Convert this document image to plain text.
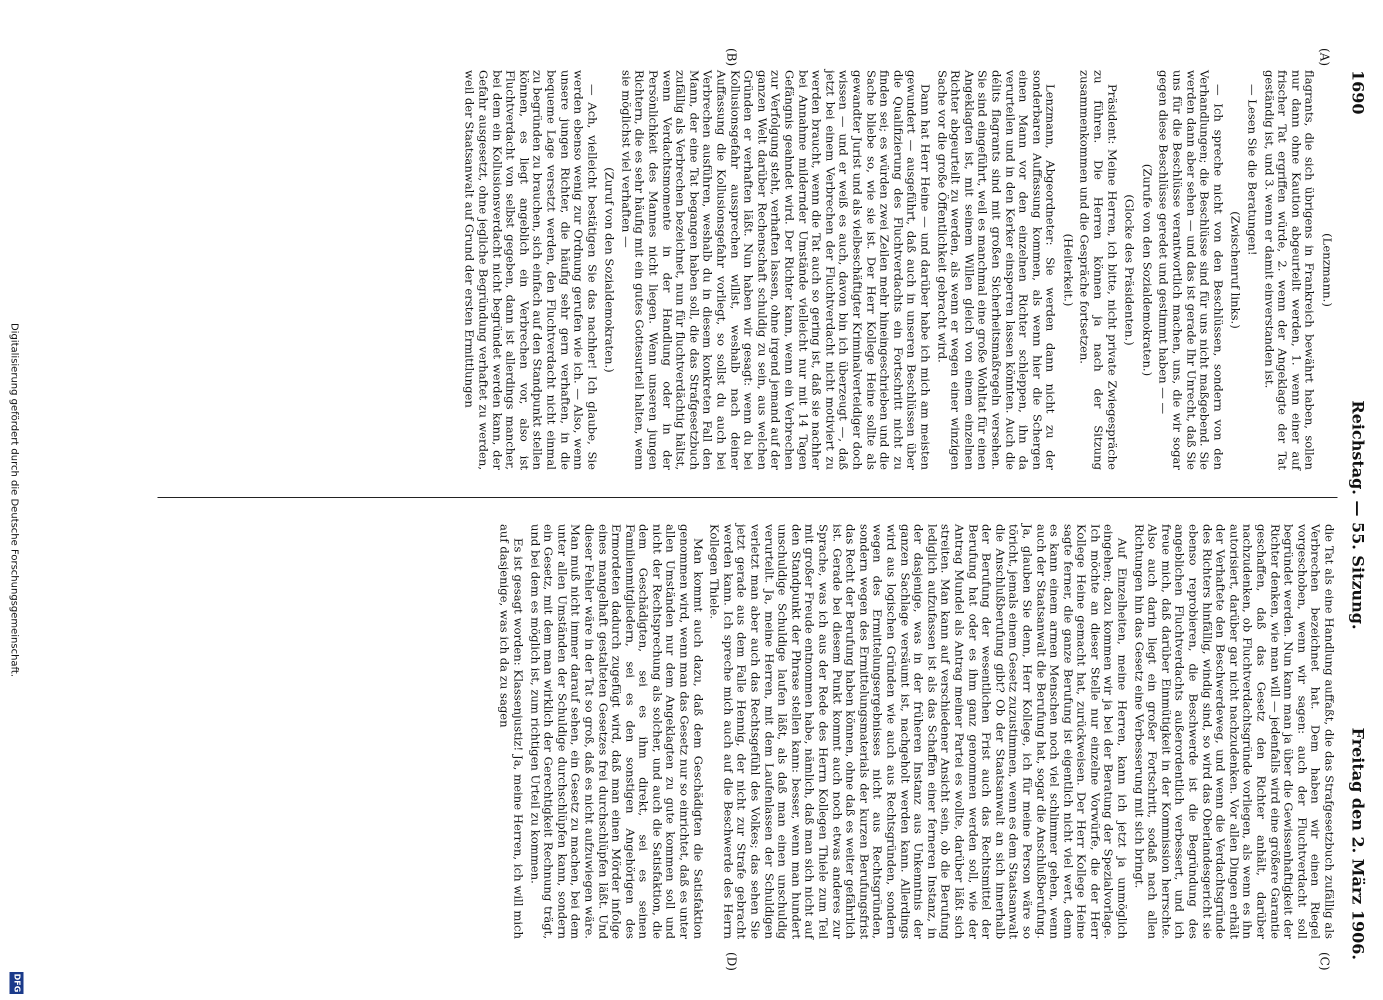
1690
Reichstag. — 55. Sitzung.
Freitag den 2. März 1906.
(A)
(B)
(C)
(D)

(Lenzmann.)

flagrants, die sich übrigens in Frankreich bewährt haben, sollen nur dann ohne Kaution abgeurteilt werden, 1. wenn einer auf frischer Tat ergriffen würde, 2. wenn der Angeklagte der Tat geständig ist, und 3. wenn er damit einverstanden ist.

— Lesen Sie die Beratungen!

(Zwischenruf links.)

— Ich spreche nicht von den Beschlüssen, sondern von den Verhandlungen; die Beschlüsse sind für uns nicht maßgebend. Sie werden dann aber sehen — und das ist gerade Ihr Unrecht, daß Sie uns für die Beschlüsse verantwortlich machen, uns, die wir sogar gegen diese Beschlüsse geredet und gestimmt haben — —

(Zurufe von den Sozialdemokraten.)

(Glocke des Präsidenten.)

Präsident: Meine Herren, ich bitte, nicht private Zwiegespräche zu führen. Die Herren können ja nach der Sitzung zusammenkommen und die Gespräche fortsetzen.

(Heiterkeit.)

Lenzmann, Abgeordneter: Sie werden dann nicht zu der sonderbaren Auffassung kommen, als wenn hier die Schergen einen Mann vor den einzelnen Richter schleppen, ihn da verurteilen und in den Kerker einsperren lassen könnten. Auch die délits flagrants sind mit großen Sicherheitsmaßregeln versehen. Sie sind eingeführt, weil es manchmal eine große Wohltat für einen Angeklagten ist, mit seinem Willen gleich von einem einzelnen Richter abgeurteilt zu werden, als wenn er wegen einer winzigen Sache vor die große Öffentlichkeit gebracht wird.

Dann hat Herr Heine — und darüber habe ich mich am meisten gewundert — ausgeführt, daß auch in unseren Beschlüssen über die Qualifizierung des Fluchtverdachts ein Fortschritt nicht zu finden sei; es würden zwei Zeilen mehr hineingeschrieben und die Sache bliebe so, wie sie ist. Der Herr Kollege Heine sollte als gewandter Jurist und als vielbeschäftigter Kriminalverteidiger doch wissen — und er weiß es auch, davon bin ich überzeugt —, daß jetzt bei einem Verbrechen der Fluchtverdacht nicht motiviert zu werden braucht, wenn die Tat auch so gering ist, daß sie nachher bei Annahme mildernder Umstände vielleicht nur mit 14 Tagen Gefängnis geahndet wird. Der Richter kann, wenn ein Verbrechen zur Verfolgung steht, verhaften lassen, ohne irgend jemand auf der ganzen Welt darüber Rechenschaft schuldig zu sein, aus welchen Gründen er verhaften läßt. Nun haben wir gesagt: wenn du bei Kollusionsgefahr aussprechen willst, weshalb nach deiner Auffassung die Kollusionsgefahr vorliegt, so sollst du auch bei Verbrechen ausführen, weshalb du in diesem konkreten Fall den Mann, der eine Tat begangen haben soll, die das Strafgesetzbuch zufällig als Verbrechen bezeichnet, nun für fluchtverdächtig hältst, wenn Verdachtsmomente in der Handlung oder in der Persönlichkeit des Mannes nicht liegen. Wenn unseren jungen Richtern, die es sehr häufig mit ein gutes Gottesurteil halten, wenn sie möglichst viel verhaften —

(Zuruf von den Sozialdemokraten.)

— Ach, vielleicht bestätigen Sie das nachher! Ich glaube, Sie werden ebenso wenig zur Ordnung gerufen wie ich. — Also, wenn unsere jungen Richter, die häufig sehr gern verhaften, in die bequeme Lage versetzt werden, den Fluchtverdacht nicht einmal zu begründen zu brauchen, sich einfach auf den Standpunkt stellen können, es liegt angeblich ein Verbrechen vor, also ist Fluchtverdacht von selbst gegeben, dann ist allerdings mancher, bei dem ein Kollusionsverdacht nicht begründet werden kann, der Gefahr ausgesetzt, ohne jegliche Begründung verhaftet zu werden, weil der Staatsanwalt auf Grund der ersten Ermittlungen

die Tat als eine Handlung auffaßt, die das Strafgesetzbuch zufällig als Verbrechen bezeichnet hat. Dem haben wir einen Riegel vorgeschoben, wenn wir sagen: auch der Fluchtverdacht soll begründet werden. Nun kann man ja über die Gewissenhaftigkeit der Richter denken, wie man will — jedenfalls wird eine größere Garantie geschaffen, daß das Gesetz den Richter anhält, darüber nachzudenken, ob Fluchtverdachtsgründe vorliegen, als wenn es ihn autorisiert, darüber gar nicht nachzudenken. Vor allen Dingen erhält der Verhaftete den Beschwerdeweg, und wenn die Verdachtsgründe des Richters hinfällig, windig sind, so wird das Oberlandesgericht sie ebenso reprobieren, die Beschwerde ist die Begründung des angeblichen Fluchtverdachts außerordentlich verbessert, und ich freue mich, daß darüber Einmütigkeit in der Kommission herrschte. Also auch darin liegt ein großer Fortschritt, sodaß nach allen Richtungen hin das Gesetz eine Verbesserung mit sich bringt.

Auf Einzelheiten, meine Herren, kann ich jetzt ja unmöglich eingehen; dazu kommen wir ja bei der Beratung der Spezialvorlage. Ich möchte an dieser Stelle nur einzelne Vorwürfe, die der Herr Kollege Heine gemacht hat, zurückweisen. Der Herr Kollege Heine sagte ferner, die ganze Berufung ist eigentlich nicht viel wert, denn es kann einem armen Menschen noch viel schlimmer gehen, wenn auch der Staatsanwalt die Berufung hat, sogar die Anschlußberufung. Ja, glauben Sie denn, Herr Kollege, ich für meine Person wäre so töricht, jemals einem Gesetz zuzustimmen, wenn es dem Staatsanwalt die Anschlußberufung gibt? Ob der Staatsanwalt an sich innerhalb der Berufung der wesentlichen Frist auch das Rechtsmittel der Berufung hat oder es ihm ganz genommen werden soll, wie der Antrag Mundel als Antrag meiner Partei es wollte, darüber läßt sich streiten. Man kann auf verschiedener Ansicht sein, ob die Berufung lediglich aufzufassen ist als das Schaffen einer ferneren Instanz, in der dasjenige, was in der früheren Instanz aus Unkenntnis der ganzen Sachlage versäumt ist, nachgeholt werden kann. Allerdings wird aus logischen Gründen wie auch aus Rechtsgründen, sondern wegen des Ermittelungsergebnisses nicht aus Rechtsgründen, sondern wegen des Ermittelungsmaterials der kurzen Berufungsfrist das Recht der Berufung haben können, ohne daß es weiter gefährlich ist. Gerade bei diesem Punkt kommt auch noch etwas anderes zur Sprache, was ich aus der Rede des Herrn Kollegen Thiele zum Teil mit großer Freude entnommen habe, nämlich, daß man sich nicht auf den Standpunkt der Phrase stellen kann: besser, wenn man hundert unschuldige Schuldige laufen läßt, als daß man einen unschuldig verurteilt. Ja, meine Herren, mit dem Laufenlassen der Schuldigen verletzt man aber auch das Rechtsgefühl des Volkes; das sehen Sie jetzt gerade aus dem Falle Hennig, der nicht zur Strafe gebracht werden kann. Ich spreche mich auch auf die Beschwerde des Herrn Kollegen Thiele.

Man kommt auch dazu, daß dem Geschädigten die Satisfaktion genommen wird, wenn man das Gesetz nur so einrichtet, daß es unter allen Umständen nur dem Angeklagten zu gute kommen soll und nicht der Rechtsprechung als solcher, und auch die Satisfaktion, die dem Geschädigten, sei es ihm direkt, sei es seinen Familienmitgliedern, sei es den sonstigen Angehörigen des Ermordeten dadurch zugefügt wird, daß man einen Mörder infolge eines mangelhaft gestalteten Gesetzes frei durchschlüpfen läßt. Und dieser Fehler wäre in der Tat so groß, daß es nicht aufzuwiegen wäre. Man muß nicht immer darauf sehen, ein Gesetz zu machen, bei dem unter allen Umständen der Schuldige durchschlüpfen kann, sondern ein Gesetz, mit dem man wirklich der Gerechtigkeit Rechnung trägt, und bei dem es möglich ist, zum richtigen Urteil zu kommen.

Es ist gesagt worden: Klassenjustiz! Ja, meine Herren, ich will mich auf dasjenige, was ich da zu sagen

Digitalisierung gefördert durch die Deutsche Forschungsgemeinschaft.
DFG
